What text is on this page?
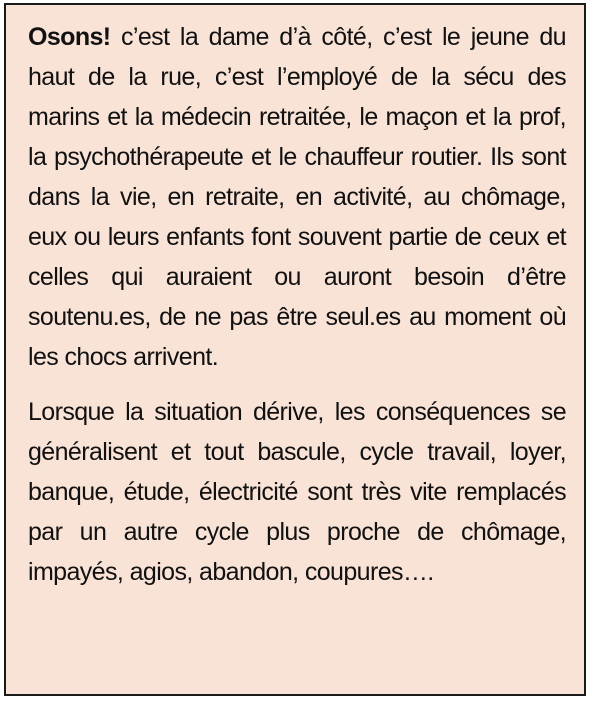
Osons! c’est la dame d’à côté, c’est le jeune du haut de la rue, c’est l’employé de la sécu des marins et la médecin retraitée, le maçon et la prof, la psychothérapeute et le chauffeur routier. Ils sont dans la vie, en retraite, en activité, au chômage, eux ou leurs enfants font souvent partie de ceux et celles qui auraient ou auront besoin d’être soutenu.es, de ne pas être seul.es au moment où les chocs arrivent.

Lorsque la situation dérive, les conséquences se généralisent et tout bascule, cycle travail, loyer, banque, étude, électricité sont très vite remplacés par un autre cycle plus proche de chômage, impayés, agios, abandon, coupures….
